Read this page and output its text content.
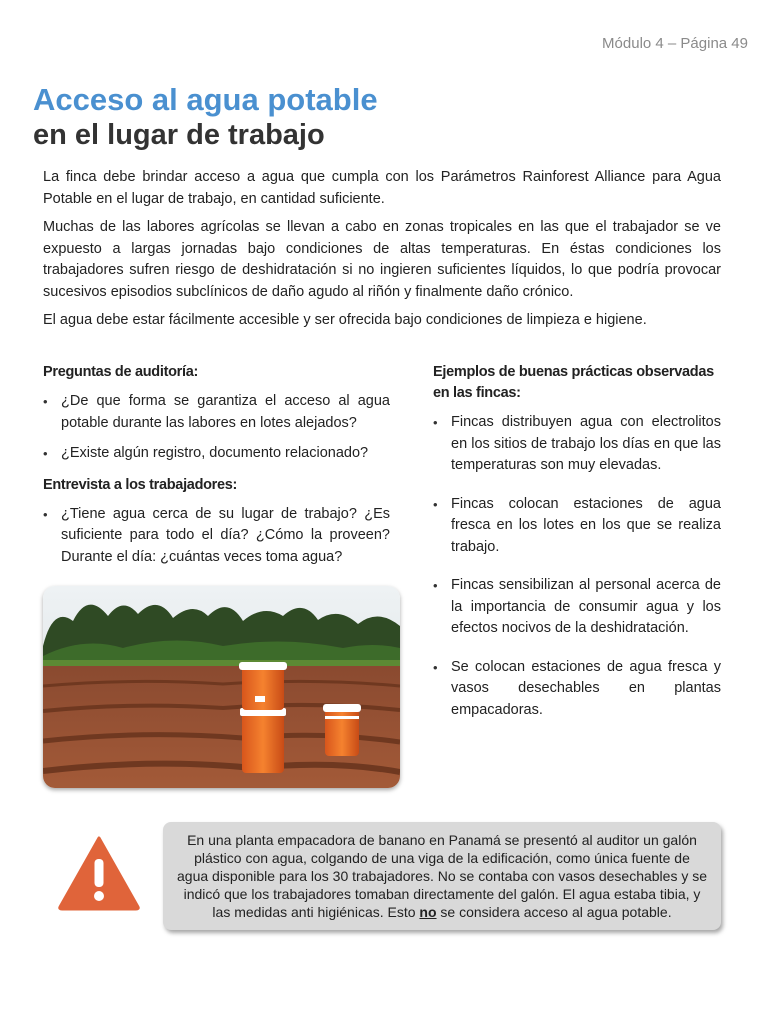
Módulo 4 – Página 49
Acceso al agua potable
en el lugar de trabajo

La finca debe brindar acceso a agua que cumpla con los Parámetros Rainforest Alliance para Agua Potable en el lugar de trabajo, en cantidad suficiente.

Muchas de las labores agrícolas se llevan a cabo en zonas tropicales en las que el trabajador se ve expuesto a largas jornadas bajo condiciones de altas temperaturas. En éstas condiciones los trabajadores sufren riesgo de deshidratación si no ingieren suficientes líquidos, lo que podría provocar sucesivos episodios subclínicos de daño agudo al riñón y finalmente daño crónico.

El agua debe estar fácilmente accesible y ser ofrecida bajo condiciones de limpieza e higiene.

Preguntas de auditoría:
• ¿De que forma se garantiza el acceso al agua potable durante las labores en lotes alejados?
• ¿Existe algún registro, documento relacionado?
Entrevista a los trabajadores:
• ¿Tiene agua cerca de su lugar de trabajo? ¿Es suficiente para todo el día? ¿Cómo la proveen? Durante el día: ¿cuántas veces toma agua?
Ejemplos de buenas prácticas observadas en las fincas:
• Fincas distribuyen agua con electrolitos en los sitios de trabajo los días en que las temperaturas son muy elevadas.
• Fincas colocan estaciones de agua fresca en los lotes en los que se realiza trabajo.
• Fincas sensibilizan al personal acerca de la importancia de consumir agua y los efectos nocivos de la deshidratación.
• Se colocan estaciones de agua fresca y vasos desechables en plantas empacadoras.
En una planta empacadora de banano en Panamá se presentó al auditor un galón plástico con agua, colgando de una viga de la edificación, como única fuente de agua disponible para los 30 trabajadores. No se contaba con vasos desechables y se indicó que los trabajadores tomaban directamente del galón. El agua estaba tibia, y las medidas anti higiénicas. Esto no se considera acceso al agua potable.
